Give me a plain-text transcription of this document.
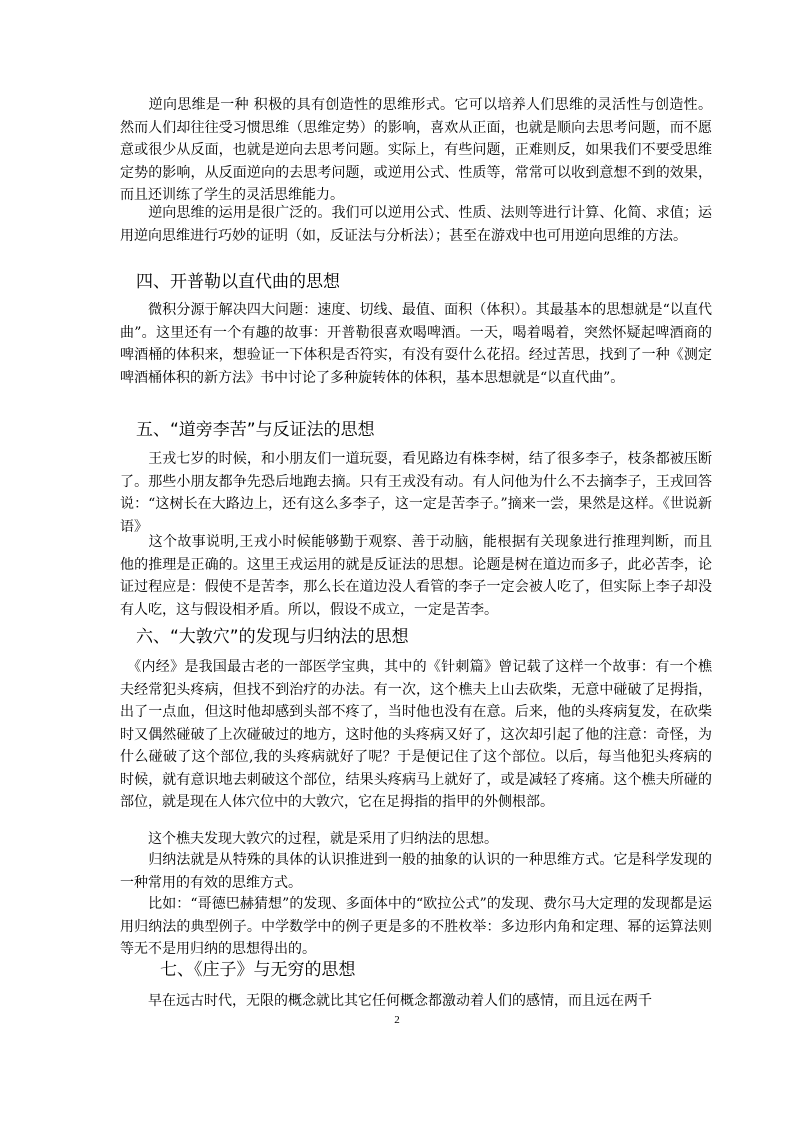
　　逆向思维是一种 积极的具有创造性的思维形式。它可以培养人们思维的灵活性与创造性。然而人们却往往受习惯思维（思维定势）的影响，喜欢从正面，也就是顺向去思考问题，而不愿意或很少从反面，也就是逆向去思考问题。实际上，有些问题，正难则反，如果我们不要受思维定势的影响，从反面逆向的去思考问题，或逆用公式、性质等，常常可以收到意想不到的效果，而且还训练了学生的灵活思维能力。

　　逆向思维的运用是很广泛的。我们可以逆用公式、性质、法则等进行计算、化简、求值；运用逆向思维进行巧妙的证明（如，反证法与分析法）；甚至在游戏中也可用逆向思维的方法。

四、开普勒以直代曲的思想

　　微积分源于解决四大问题：速度、切线、最值、面积（体积）。其最基本的思想就是“以直代曲”。这里还有一个有趣的故事：开普勒很喜欢喝啤酒。一天，喝着喝着，突然怀疑起啤酒商的啤酒桶的体积来，想验证一下体积是否符实，有没有耍什么花招。经过苦思，找到了一种《测定啤酒桶体积的新方法》书中讨论了多种旋转体的体积，基本思想就是“以直代曲”。

五、“道旁李苦”与反证法的思想

　　王戎七岁的时候，和小朋友们一道玩耍，看见路边有株李树，结了很多李子，枝条都被压断了。那些小朋友都争先恐后地跑去摘。只有王戎没有动。有人问他为什么不去摘李子，王戎回答说：“这树长在大路边上，还有这么多李子，这一定是苦李子。”摘来一尝，果然是这样。《世说新语》

　　这个故事说明,王戎小时候能够勤于观察、善于动脑，能根据有关现象进行推理判断，而且他的推理是正确的。这里王戎运用的就是反证法的思想。论题是树在道边而多子，此必苦李，论证过程应是：假使不是苦李，那么长在道边没人看管的李子一定会被人吃了，但实际上李子却没有人吃，这与假设相矛盾。所以，假设不成立，一定是苦李。

六、“大敦穴”的发现与归纳法的思想

　《内经》是我国最古老的一部医学宝典，其中的《针刺篇》曾记载了这样一个故事：有一个樵夫经常犯头疼病，但找不到治疗的办法。有一次，这个樵夫上山去砍柴，无意中碰破了足拇指，出了一点血，但这时他却感到头部不疼了，当时他也没有在意。后来，他的头疼病复发，在砍柴时又偶然碰破了上次碰破过的地方，这时他的头疼病又好了，这次却引起了他的注意：奇怪，为什么碰破了这个部位,我的头疼病就好了呢？于是便记住了这个部位。以后，每当他犯头疼病的时候，就有意识地去刺破这个部位，结果头疼病马上就好了，或是减轻了疼痛。这个樵夫所碰的部位，就是现在人体穴位中的大敦穴，它在足拇指的指甲的外侧根部。

　　这个樵夫发现大敦穴的过程，就是采用了归纳法的思想。

　　归纳法就是从特殊的具体的认识推进到一般的抽象的认识的一种思维方式。它是科学发现的一种常用的有效的思维方式。

　　比如：“哥德巴赫猜想”的发现、多面体中的“欧拉公式”的发现、费尔马大定理的发现都是运用归纳法的典型例子。中学数学中的例子更是多的不胜枚举：多边形内角和定理、幂的运算法则等无不是用归纳的思想得出的。

七、《庄子》与无穷的思想

　　早在远古时代，无限的概念就比其它任何概念都激动着人们的感情，而且远在两千

2
